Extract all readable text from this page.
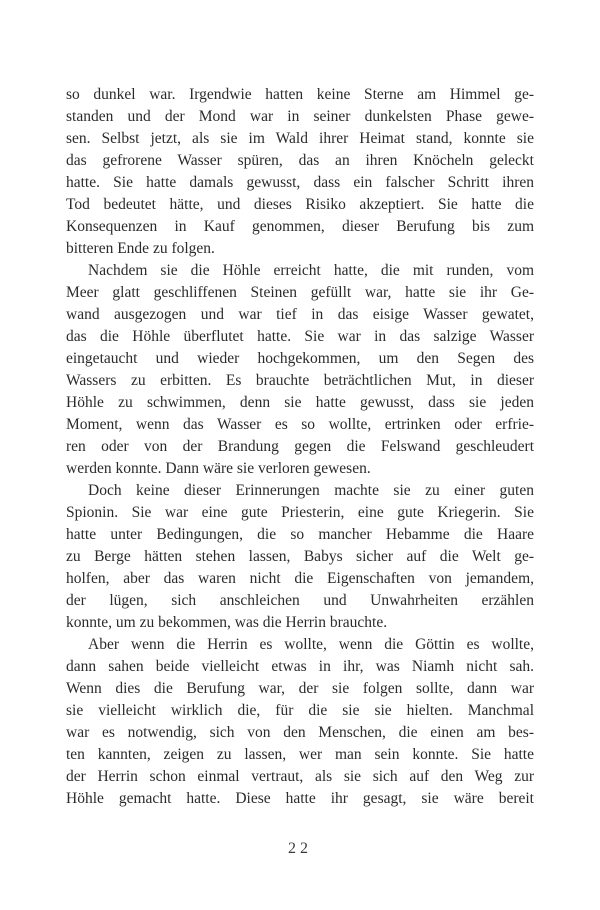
so dunkel war. Irgendwie hatten keine Sterne am Himmel ge-
standen und der Mond war in seiner dunkelsten Phase gewe-
sen. Selbst jetzt, als sie im Wald ihrer Heimat stand, konnte sie
das gefrorene Wasser spüren, das an ihren Knöcheln geleckt
hatte. Sie hatte damals gewusst, dass ein falscher Schritt ihren
Tod bedeutet hätte, und dieses Risiko akzeptiert. Sie hatte die
Konsequenzen in Kauf genommen, dieser Berufung bis zum
bitteren Ende zu folgen.
Nachdem sie die Höhle erreicht hatte, die mit runden, vom
Meer glatt geschliffenen Steinen gefüllt war, hatte sie ihr Ge-
wand ausgezogen und war tief in das eisige Wasser gewatet,
das die Höhle überflutet hatte. Sie war in das salzige Wasser
eingetaucht und wieder hochgekommen, um den Segen des
Wassers zu erbitten. Es brauchte beträchtlichen Mut, in dieser
Höhle zu schwimmen, denn sie hatte gewusst, dass sie jeden
Moment, wenn das Wasser es so wollte, ertrinken oder erfrie-
ren oder von der Brandung gegen die Felswand geschleudert
werden konnte. Dann wäre sie verloren gewesen.
Doch keine dieser Erinnerungen machte sie zu einer guten
Spionin. Sie war eine gute Priesterin, eine gute Kriegerin. Sie
hatte unter Bedingungen, die so mancher Hebamme die Haare
zu Berge hätten stehen lassen, Babys sicher auf die Welt ge-
holfen, aber das waren nicht die Eigenschaften von jemandem,
der lügen, sich anschleichen und Unwahrheiten erzählen
konnte, um zu bekommen, was die Herrin brauchte.
Aber wenn die Herrin es wollte, wenn die Göttin es wollte,
dann sahen beide vielleicht etwas in ihr, was Niamh nicht sah.
Wenn dies die Berufung war, der sie folgen sollte, dann war
sie vielleicht wirklich die, für die sie sie hielten. Manchmal
war es notwendig, sich von den Menschen, die einen am bes-
ten kannten, zeigen zu lassen, wer man sein konnte. Sie hatte
der Herrin schon einmal vertraut, als sie sich auf den Weg zur
Höhle gemacht hatte. Diese hatte ihr gesagt, sie wäre bereit
22
